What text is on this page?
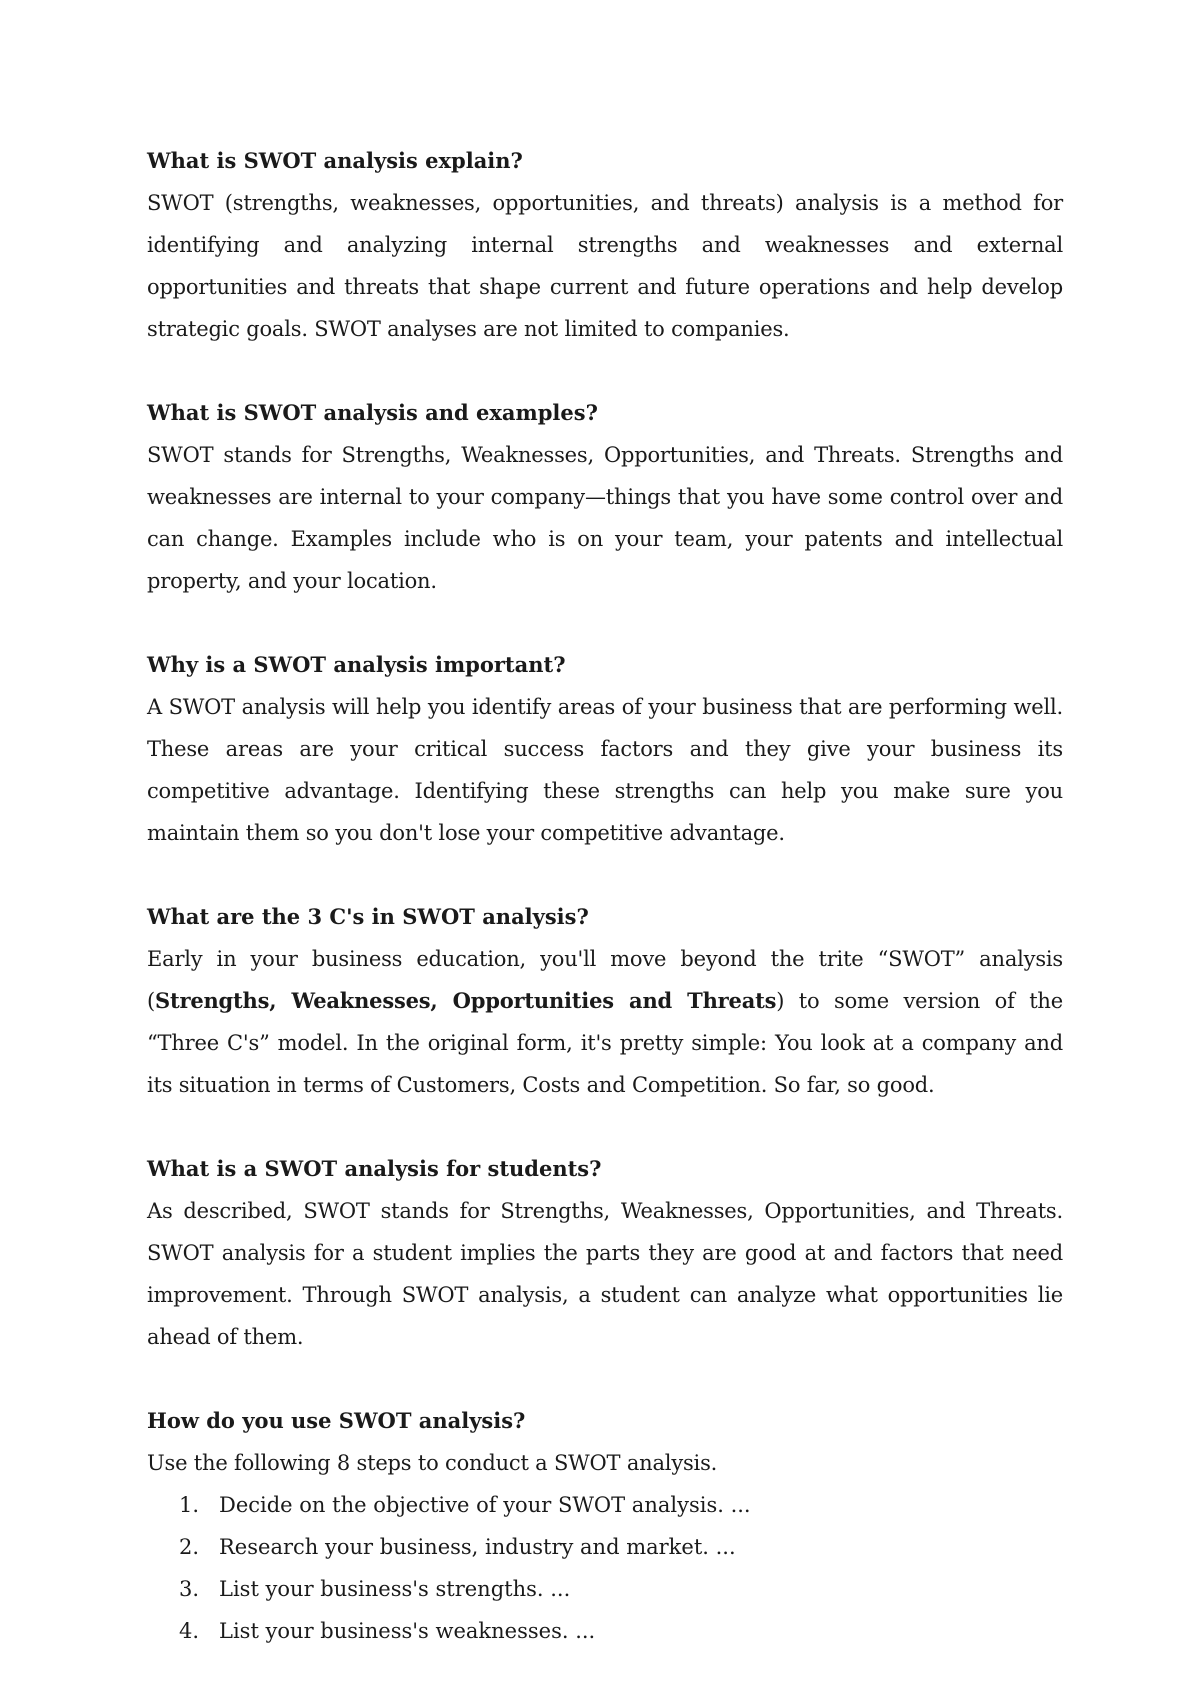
What is SWOT analysis explain?

SWOT (strengths, weaknesses, opportunities, and threats) analysis is a method for identifying and analyzing internal strengths and weaknesses and external opportunities and threats that shape current and future operations and help develop strategic goals. SWOT analyses are not limited to companies.

What is SWOT analysis and examples?

SWOT stands for Strengths, Weaknesses, Opportunities, and Threats. Strengths and weaknesses are internal to your company—things that you have some control over and can change. Examples include who is on your team, your patents and intellectual property, and your location.

Why is a SWOT analysis important?

A SWOT analysis will help you identify areas of your business that are performing well. These areas are your critical success factors and they give your business its competitive advantage. Identifying these strengths can help you make sure you maintain them so you don't lose your competitive advantage.

What are the 3 C's in SWOT analysis?

Early in your business education, you'll move beyond the trite “SWOT” analysis (Strengths, Weaknesses, Opportunities and Threats) to some version of the “Three C's” model. In the original form, it's pretty simple: You look at a company and its situation in terms of Customers, Costs and Competition. So far, so good.

What is a SWOT analysis for students?

As described, SWOT stands for Strengths, Weaknesses, Opportunities, and Threats. SWOT analysis for a student implies the parts they are good at and factors that need improvement. Through SWOT analysis, a student can analyze what opportunities lie ahead of them.

How do you use SWOT analysis?

Use the following 8 steps to conduct a SWOT analysis.

1. Decide on the objective of your SWOT analysis. ...
2. Research your business, industry and market. ...
3. List your business's strengths. ...
4. List your business's weaknesses. ...
